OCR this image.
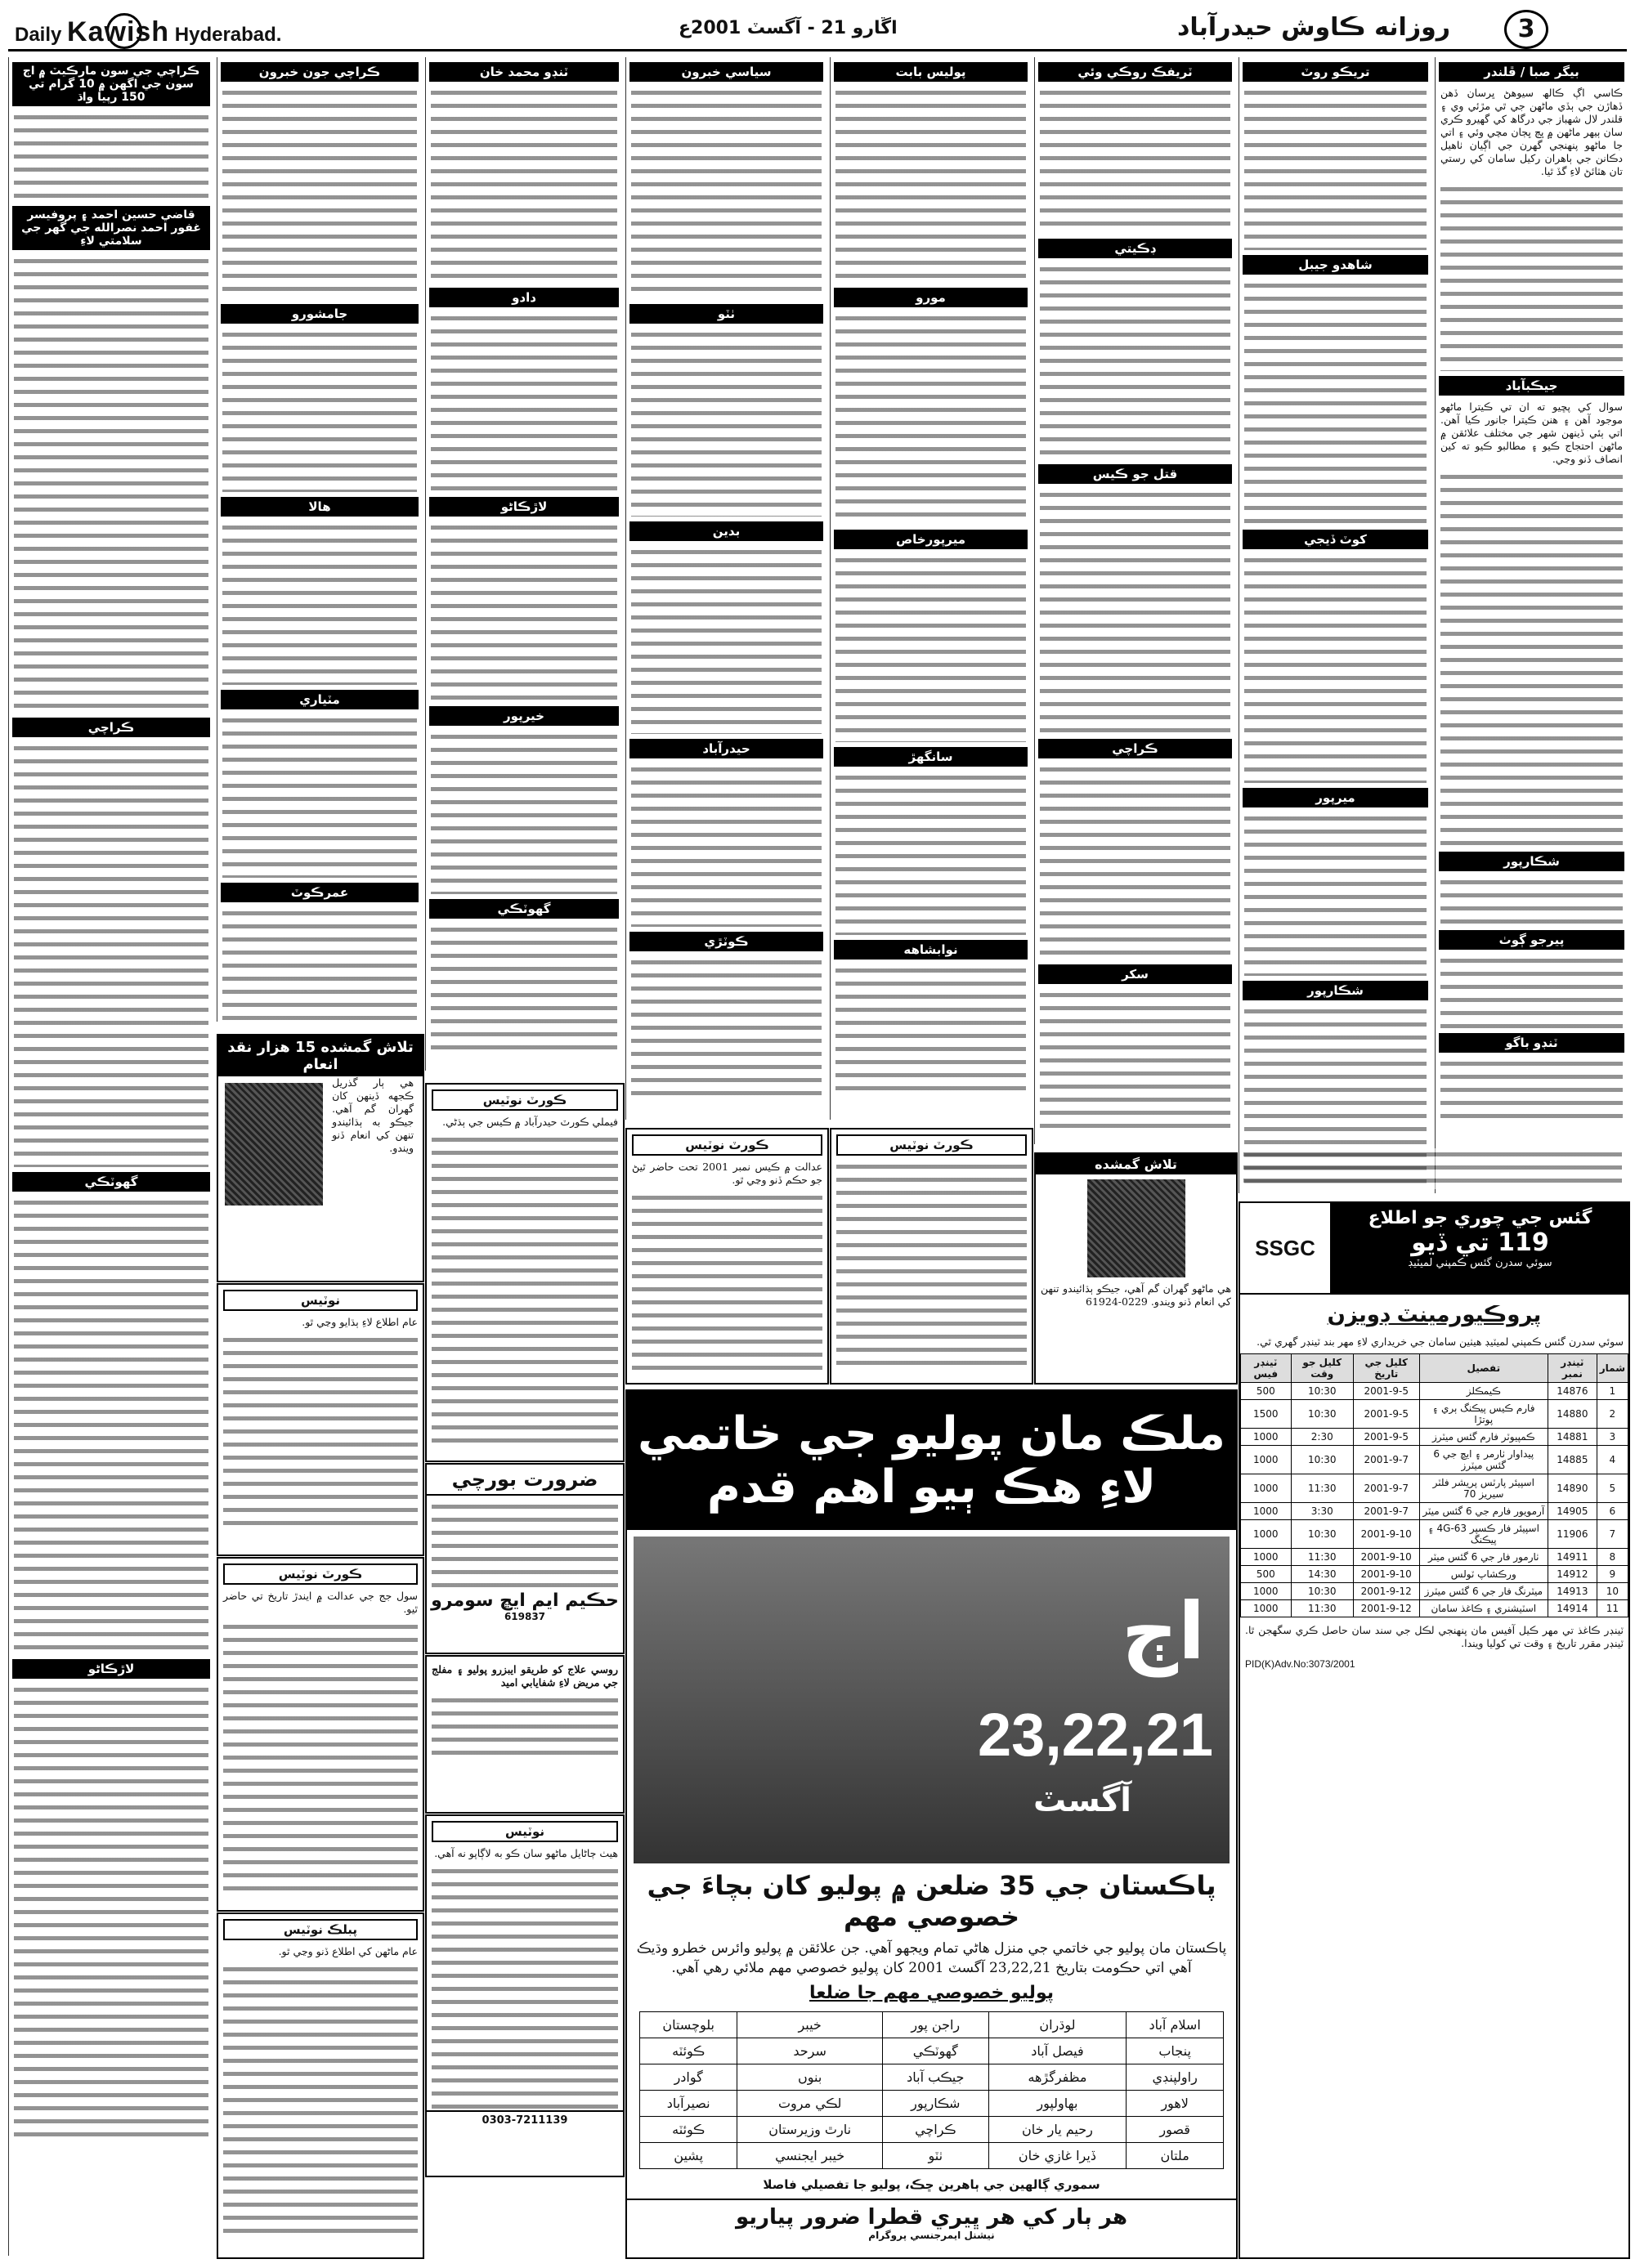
Daily Kawish Hyderabad.	اڱارو 21 - آگسٽ 2001ع	روزانه ڪاوش حيدرآباد	3
بيگر صبا / ڦلندر

ڪاسي اڳ ڪالھ سيوهڻ ڀرسان ڏهن ڏهاڙن جي ٻڏي ماڻهن جي ٿي مڙئي وي ۽ قلندر لال شهباز جي درگاھ کي گهيرو ڪري سان ٻيهر ماڻهن ۾ ڀڄ ڀڄان مچي وئي ۽ اتي جا ماڻهو پنهنجي گهرن جي اڳيان ٺاهيل دڪانن جي ٻاهران رکيل سامان کي رستي تان هٽائڻ لاءِ گڏ ٿيا.

جيڪبآباد

سوال کي پڇيو ته ان تي ڪيترا ماڻهو موجود آهن ۽ هنن ڪيترا جانور ڪيا آهن. اتي ٻئي ڏينهن شهر جي مختلف علائقن ۾ ماڻهن احتجاج ڪيو ۽ مطالبو ڪيو ته کين انصاف ڏنو وڃي.

شڪارپور
پيرجو ڳوٺ
ٽنڊو باگو
تريڪو روٽ
شاهدو جيبل
کوٽ ڏيجي
ميرپور
شڪارپور
ٽريفڪ روڪي وئي
ڊڪيتي
قتل جو ڪيس
ڪراچي
سکر
پوليس بابت
مورو
ميرپورخاص
سانگهڙ
نوابشاهه
سياسي خبرون
ٺٽو
بدين
حيدرآباد
ڪوٽڙي
ٽنڊو محمد خان
دادو
لاڙڪاڻو
خيرپور
گهوٽڪي
ڪراچي جون خبرون
جامشورو
هالا
مٽياري
عمرڪوٽ
ڪراچي جي سون مارڪيٽ ۾ اڄ سون جي اگهن ۾ 10 گرام تي 150 رپيا واڌ
قاضي حسين احمد ۽ پروفيسر غفور احمد نصرالله جي گهر جي سلامتي لاءِ
ڪراچي
گهوٽڪي
لاڙڪاڻو
تلاش گمشده 15 هزار نقد انعام

هي ٻار گذريل ڪجهه ڏينهن کان گهران گم آهي. جيڪو به ٻڌائيندو تنهن کي انعام ڏنو ويندو.

نوٽيس

عام اطلاع لاءِ ٻڌايو وڃي ٿو.

ڪورٽ نوٽيس

سول جج جي عدالت ۾ ايندڙ تاريخ تي حاضر ٿيو.

پبلڪ نوٽيس

عام ماڻهن کي اطلاع ڏنو وڃي ٿو.

ڪورٽ نوٽيس

فيملي ڪورٽ حيدرآباد ۾ ڪيس جي ٻڌڻي.

ضرورت بورچي
حڪيم ايم ايڇ سومرو
619837

روسي علاج کو طريقو ايبزرو پوليو ۽ مفلج جي مريض لاءِ شفايابي اميد

نوٽيس

هيٺ ڄاڻايل ماڻهو سان ڪو به لاڳاپو نه آهي.

0303-7211139
ڪورٽ نوٽيس

عدالت ۾ ڪيس نمبر 2001 تحت حاضر ٿيڻ جو حڪم ڏنو وڃي ٿو.

ڪورٽ نوٽيس
تلاش گمشده

هي ماڻهو گهران گم آهي، جيڪو ٻڌائيندو تنهن کي انعام ڏنو ويندو. 0229-61924

ملڪ مان پوليو جي خاتمي لاءِ هڪ ٻيو اهم قدم
اڄ
23,22,21
آگسٽ
پاڪستان جي 35 ضلعن ۾ پوليو کان بچاءَ جي خصوصي مهم

پاڪستان مان پوليو جي خاتمي جي منزل هاڻي تمام ويجهو آهي. جن علائقن ۾ پوليو وائرس خطرو وڌيڪ آهي اتي حڪومت بتاريخ 23,22,21 آگسٽ 2001 کان پوليو خصوصي مهم ملائي رهي آهي.

پوليو خصوصي مهم جا ضلعا
اسلام آباد	لوڌران	راجن پور	خيبر	بلوچستان
پنجاب	فيصل آباد	گهوٽڪي	سرحد	ڪوئٽه
راولپنڊي	مظفرگڙهه	جيڪب آباد	بنوں	گوادر
لاهور	بهاولپور	شڪارپور	لڪي مروت	نصيرآباد
قصور	رحيم يار خان	ڪراچي	نارٿ وزيرستان	ڪوئٽه
ملتان	ڏيرا غازي خان	ٺٽو	خيبر ايجنسي	پشين
سموري ڳالهين جي ٻاهرين ڇڪ، پوليو جا تفصيلي فاصلا
هر ٻار کي هر ڀيري قطرا ضرور پياريو
نيشنل ايمرجنسي پروگرام
SSGC
گئس جي چوري جو اطلاع
119 تي ڏيو
سوئي سدرن گئس ڪمپني لميٽيڊ
پروڪيورمينٽ ڊويزن

سوئي سدرن گئس ڪمپني لميٽيڊ هيٺين سامان جي خريداري لاءِ مهر بند ٽينڊر گهري ٿي.

شمار	ٽينڊر نمبر	تفصيل	کليل جي تاريخ	کليل جو وقت	ٽينڊر فيس
1	14876	ڪيمڪلز	2001-9-5	10:30	500
2	14880	فارم ڪيس پيڪنگ ٻري ۽ پوتڙا	2001-9-5	10:30	1500
3	14881	ڪمپيوٽر فارم گئس ميٽرز	2001-9-5	2:30	1000
4	14885	پيداوار ٺارمر ۽ ايڇ جي 6 گئس ميٽرز	2001-9-7	10:30	1000
5	14890	اسپيئر پارٽس پريشر فلٽر سيريز 70	2001-9-7	11:30	1000
6	14905	آرمويور فارم جي 6 گئس ميٽر	2001-9-7	3:30	1000
7	11906	اسپيئر فار ڪسپر 63-4G ۽ پيڪنگ	2001-9-10	10:30	1000
8	14911	ٺارمور فار جي 6 گئس ميٽر	2001-9-10	11:30	1000
9	14912	ورڪشاپ ٽولس	2001-9-10	14:30	500
10	14913	ميٽرنگ فار جي 6 گئس ميٽرز	2001-9-12	10:30	1000
11	14914	اسٽيشنري ۽ ڪاغذ سامان	2001-9-12	11:30	1000

ٽينڊر ڪاغذ تي مهر ڪيل آفيس مان پنهنجي لڪل جي سند سان حاصل ڪري سگهجن ٿا. ٽينڊر مقرر تاريخ ۽ وقت تي کوليا ويندا.

PID(K)Adv.No:3073/2001
